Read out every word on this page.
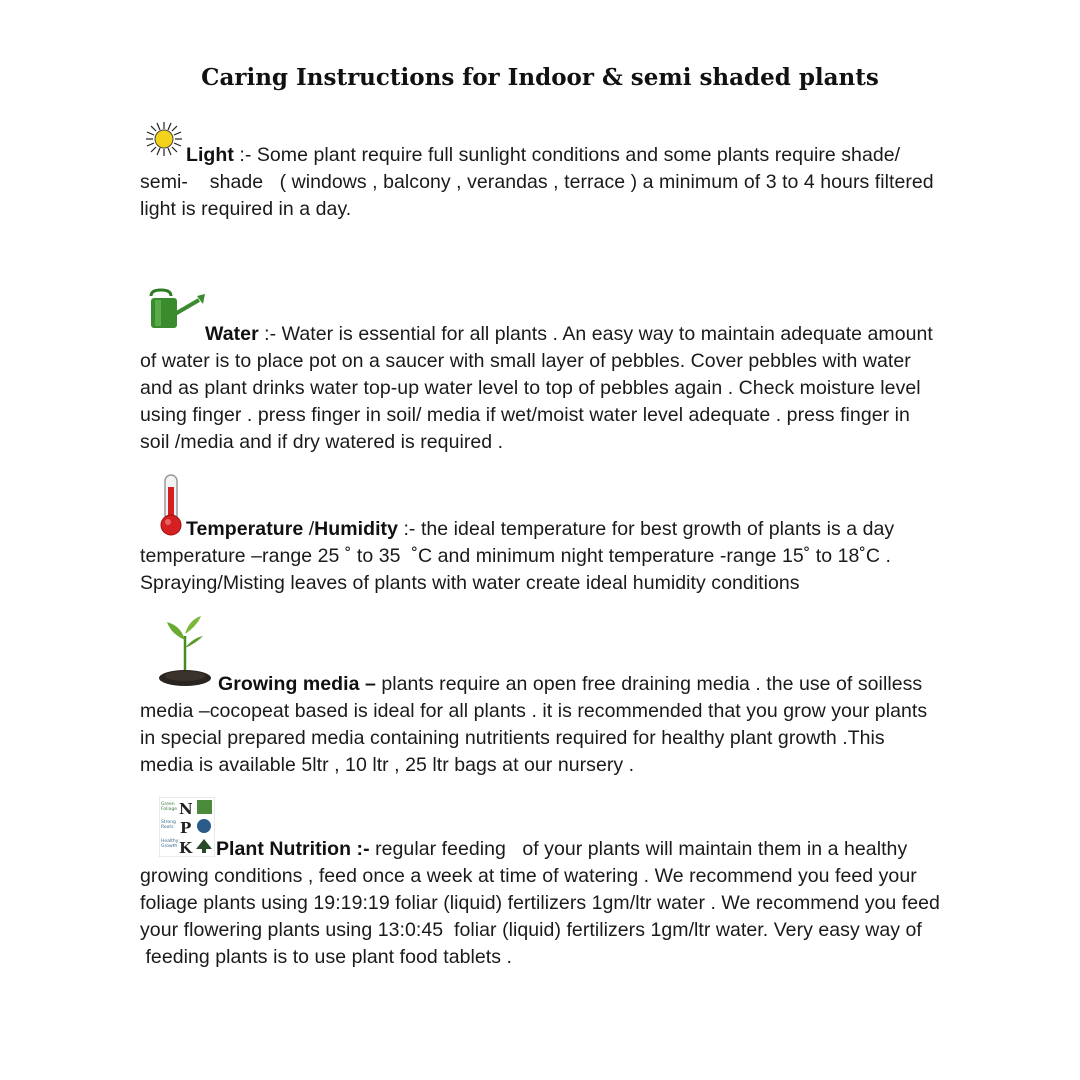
Caring Instructions for Indoor & semi shaded plants

Light :- Some plant require full sunlight conditions and some plants require shade/ semi-    shade   ( windows , balcony , verandas , terrace ) a minimum of 3 to 4 hours filtered light is required in a day.

Water :- Water is essential for all plants . An easy way to maintain adequate amount of water is to place pot on a saucer with small layer of pebbles. Cover pebbles with water and as plant drinks water top-up water level to top of pebbles again . Check moisture level using finger . press finger in soil/ media if wet/moist water level adequate . press finger in soil /media and if dry watered is required .

Temperature /Humidity :- the ideal temperature for best growth of plants is a day temperature –range 25 ˚ to 35  ˚C and minimum night temperature -range 15˚ to 18˚C . Spraying/Misting leaves of plants with water create ideal humidity conditions

Growing media – plants require an open free draining media . the use of soilless media –cocopeat based is ideal for all plants . it is recommended that you grow your plants in special prepared media containing nutritients required for healthy plant growth .This media is available 5ltr , 10 ltr , 25 ltr bags at our nursery .

Green
Foliage N
Strong
Roots P
Healthy
Growth K	Plant Nutrition :- regular feeding   of your plants will maintain them in a healthy growing conditions , feed once a week at time of watering . We recommend you feed your foliage plants using 19:19:19 foliar (liquid) fertilizers 1gm/ltr water . We recommend you feed your flowering plants using 13:0:45  foliar (liquid) fertilizers 1gm/ltr water. Very easy way of  feeding plants is to use plant food tablets .
